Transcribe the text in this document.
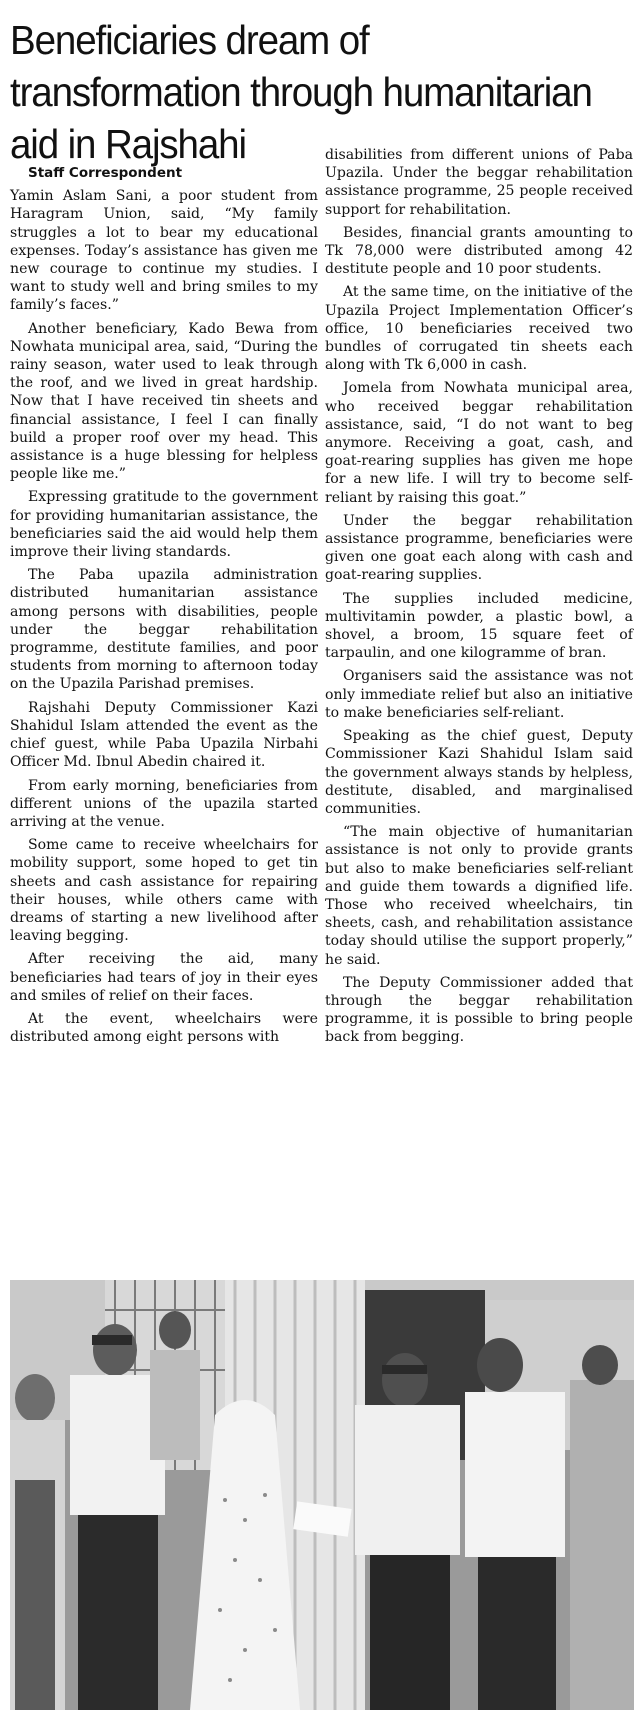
Beneficiaries dream of transformation through humanitarian aid in Rajshahi

Staff Correspondent

Yamin Aslam Sani, a poor student from Haragram Union, said, “My family struggles a lot to bear my educational expenses. Today’s assistance has given me new courage to continue my studies. I want to study well and bring smiles to my family’s faces.”

Another beneficiary, Kado Bewa from Nowhata municipal area, said, “During the rainy season, water used to leak through the roof, and we lived in great hardship. Now that I have received tin sheets and financial assistance, I feel I can finally build a proper roof over my head. This assistance is a huge blessing for helpless people like me.”

Expressing gratitude to the government for providing humanitarian assistance, the beneficiaries said the aid would help them improve their living standards.

The Paba upazila administration distributed humanitarian assistance among persons with disabilities, people under the beggar rehabilitation programme, destitute families, and poor students from morning to afternoon today on the Upazila Parishad premises.

Rajshahi Deputy Commissioner Kazi Shahidul Islam attended the event as the chief guest, while Paba Upazila Nirbahi Officer Md. Ibnul Abedin chaired it.

From early morning, beneficiaries from different unions of the upazila started arriving at the venue.

Some came to receive wheelchairs for mobility support, some hoped to get tin sheets and cash assistance for repairing their houses, while others came with dreams of starting a new livelihood after leaving begging.

After receiving the aid, many beneficiaries had tears of joy in their eyes and smiles of relief on their faces.

At the event, wheelchairs were distributed among eight persons with

disabilities from different unions of Paba Upazila. Under the beggar rehabilitation assistance programme, 25 people received support for rehabilitation.

Besides, financial grants amounting to Tk 78,000 were distributed among 42 destitute people and 10 poor students.

At the same time, on the initiative of the Upazila Project Implementation Officer’s office, 10 beneficiaries received two bundles of corrugated tin sheets each along with Tk 6,000 in cash.

Jomela from Nowhata municipal area, who received beggar rehabilitation assistance, said, “I do not want to beg anymore. Receiving a goat, cash, and goat-rearing supplies has given me hope for a new life. I will try to become self-reliant by raising this goat.”

Under the beggar rehabilitation assistance programme, beneficiaries were given one goat each along with cash and goat-rearing supplies.

The supplies included medicine, multivitamin powder, a plastic bowl, a shovel, a broom, 15 square feet of tarpaulin, and one kilogramme of bran.

Organisers said the assistance was not only immediate relief but also an initiative to make beneficiaries self-reliant.

Speaking as the chief guest, Deputy Commissioner Kazi Shahidul Islam said the government always stands by helpless, destitute, disabled, and marginalised communities.

“The main objective of humanitarian assistance is not only to provide grants but also to make beneficiaries self-reliant and guide them towards a dignified life. Those who received wheelchairs, tin sheets, cash, and rehabilitation assistance today should utilise the support properly,” he said.

The Deputy Commissioner added that through the beggar rehabilitation programme, it is possible to bring people back from begging.
